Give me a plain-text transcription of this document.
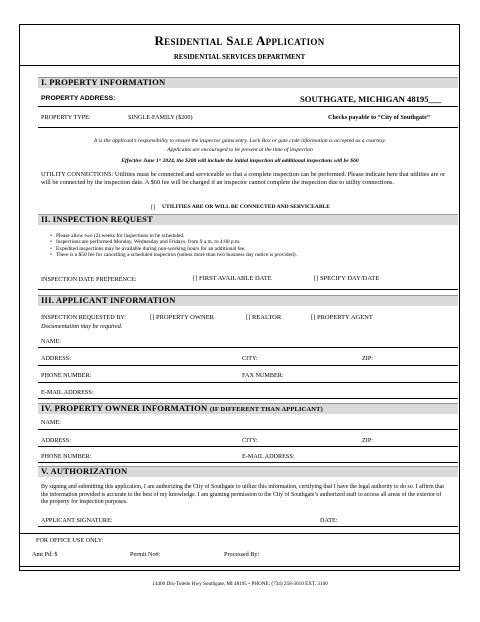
Residential Sale Application
RESIDENTIAL SERVICES DEPARTMENT
I. PROPERTY INFORMATION
PROPERTY ADDRESS:	SOUTHGATE, MICHIGAN 48195___
PROPERTY TYPE:	SINGLE-FAMILY ($200)	Checks payable to “City of Southgate”
It is the applicant’s responsibility to ensure the inspector gains entry. Lock Box or gate code information is accepted as a courtesy.
Applicants are encouraged to be present at the time of inspection
Effective June 1ˢᵗ 2024, the $200 will include the initial inspection all additional inspections will be $60
UTILITY CONNECTIONS: Utilities must be connected and serviceable so that a complete inspection can be performed. Please indicate here that utilities are or will be connected by the inspection date. A $60 fee will be charged if an inspector cannot complete the inspection due to utility connections.
[] UTILITIES ARE OR WILL BE CONNECTED AND SERVICEABLE
II. INSPECTION REQUEST
• Please allow two (2) weeks for inspections to be scheduled.
• Inspections are performed Monday, Wednesday and Fridays, from 9 a.m. to 4:00 p.m.
• Expedited inspections may be available during non-working hours for an additional fee.
• There is a $50 fee for cancelling a scheduled inspection (unless more than two business day notice is provided).
INSPECTION DATE PREFERENCE:	[] FIRST AVAILABLE DATE	[] SPECIFY DAY/DATE
III. APPLICANT INFORMATION
INSPECTION REQUESTED BY:
Documentation may be required.
[] PROPERTY OWNER	[] REALTOR	[] PROPERTY AGENT
NAME:
ADDRESS:	CITY:	ZIP:
PHONE NUMBER:	FAX NUMBER:
E-MAIL ADDRESS:
IV. PROPERTY OWNER INFORMATION (IF DIFFERENT THAN APPLICANT)
NAME:
ADDRESS:	CITY:	ZIP:
PHONE NUMBER:	E-MAIL ADDRESS:
V. AUTHORIZATION
By signing and submitting this application, I am authorizing the City of Southgate to utilize this information, certifying that I have the legal authority to do so. I affirm that the information provided is accurate to the best of my knowledge. I am granting permission to the City of Southgate’s authorized staff to access all areas of the exterior of the property for inspection purposes.
APPLICANT SIGNATURE:	DATE:
FOR OFFICE USE ONLY:
Amt Pd: $	Permit No#:	Processed By:
14400 Dix-Toledo Hwy Southgate, MI 48195 • PHONE: (734) 258-3010 EXT. 3100
